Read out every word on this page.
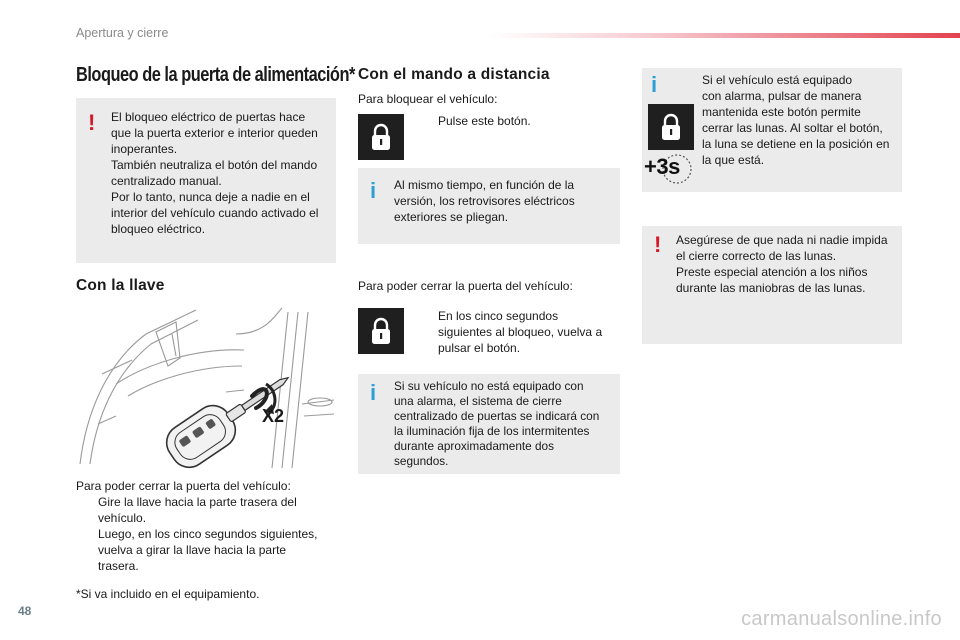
Apertura y cierre
Bloqueo de la puerta de alimentación*
! El bloqueo eléctrico de puertas hace

que la puerta exterior e interior queden

inoperantes.

También neutraliza el botón del mando

centralizado manual.

Por lo tanto, nunca deje a nadie en el

interior del vehículo cuando activado el

bloqueo eléctrico.

Con la llave
X2

Para poder cerrar la puerta del vehículo:

Gire la llave hacia la parte trasera del

vehículo.

Luego, en los cinco segundos siguientes,

vuelva a girar la llave hacia la parte

trasera.

*Si va incluido en el equipamiento.
Con el mando a distancia
Para bloquear el vehículo:
Pulse este botón.
i Al mismo tiempo, en función de la

versión, los retrovisores eléctricos

exteriores se pliegan.

Para poder cerrar la puerta del vehículo:

En los cinco segundos

siguientes al bloqueo, vuelva a

pulsar el botón.

i Si su vehículo no está equipado con

una alarma, el sistema de cierre

centralizado de puertas se indicará con

la iluminación fija de los intermitentes

durante aproximadamente dos

segundos.

i
+3s

Si el vehículo está equipado

con alarma, pulsar de manera

mantenida este botón permite

cerrar las lunas. Al soltar el botón,

la luna se detiene en la posición en

la que está.

! Asegúrese de que nada ni nadie impida

el cierre correcto de las lunas.

Preste especial atención a los niños

durante las maniobras de las lunas.

48	carmanualsonline.info
